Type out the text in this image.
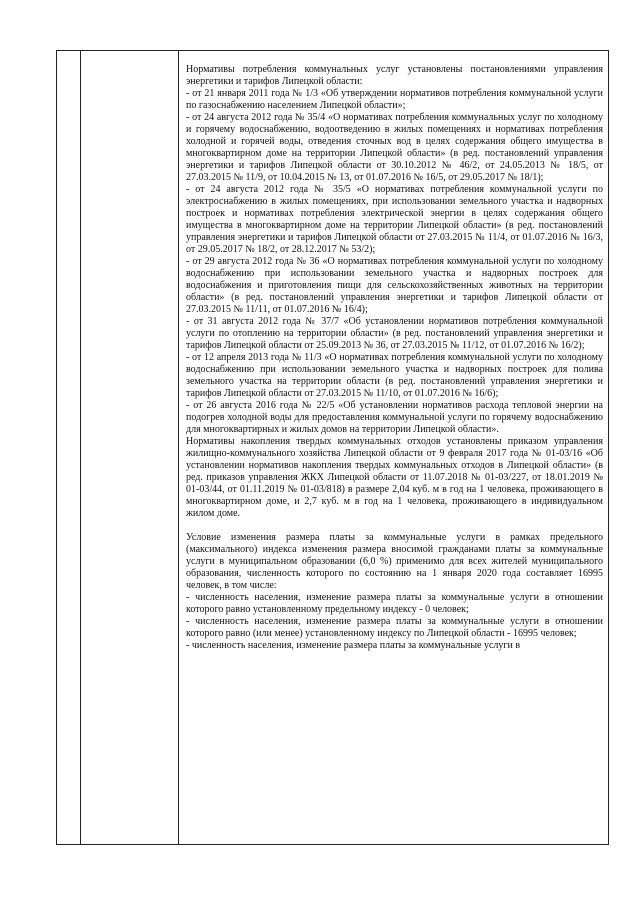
Нормативы потребления коммунальных услуг установлены постановлениями управления энергетики и тарифов Липецкой области:

- от 21 января 2011 года № 1/3 «Об утверждении нормативов потребления коммунальной услуги по газоснабжению населением Липецкой области»;

- от 24 августа 2012 года № 35/4 «О нормативах потребления коммунальных услуг по холодному и горячему водоснабжению, водоотведению в жилых помещениях и нормативах потребления холодной и горячей воды, отведения сточных вод в целях содержания общего имущества в многоквартирном доме на территории Липецкой области» (в ред. постановлений управления энергетики и тарифов Липецкой области от 30.10.2012 № 46/2, от 24.05.2013 № 18/5, от 27.03.2015 № 11/9, от 10.04.2015 № 13, от 01.07.2016 № 16/5, от 29.05.2017 № 18/1);

- от 24 августа 2012 года № 35/5 «О нормативах потребления коммунальной услуги по электроснабжению в жилых помещениях, при использовании земельного участка и надворных построек и нормативах потребления электрической энергии в целях содержания общего имущества в многоквартирном доме на территории Липецкой области» (в ред. постановлений управления энергетики и тарифов Липецкой области от 27.03.2015 № 11/4, от 01.07.2016 № 16/3, от 29.05.2017 № 18/2, от 28.12.2017 № 53/2);

- от 29 августа 2012 года № 36 «О нормативах потребления коммунальной услуги по холодному водоснабжению при использовании земельного участка и надворных построек для водоснабжения и приготовления пищи для сельскохозяйственных животных на территории области» (в ред. постановлений управления энергетики и тарифов Липецкой области от 27.03.2015 № 11/11, от 01.07.2016 № 16/4);

- от 31 августа 2012 года № 37/7 «Об установлении нормативов потребления коммунальной услуги по отоплению на территории области» (в ред. постановлений управления энергетики и тарифов Липецкой области от 25.09.2013 № 36, от 27.03.2015 № 11/12, от 01.07.2016 № 16/2);

- от 12 апреля 2013 года № 11/3 «О нормативах потребления коммунальной услуги по холодному водоснабжению при использовании земельного участка и надворных построек для полива земельного участка на территории области (в ред. постановлений управления энергетики и тарифов Липецкой области от 27.03.2015 № 11/10, от 01.07.2016 № 16/6);

- от 26 августа 2016 года № 22/5 «Об установлении нормативов расхода тепловой энергии на подогрев холодной воды для предоставления коммунальной услуги по горячему водоснабжению для многоквартирных и жилых домов на территории Липецкой области».

Нормативы накопления твердых коммунальных отходов установлены приказом управления жилищно-коммунального хозяйства Липецкой области от 9 февраля 2017 года № 01-03/16 «Об установлении нормативов накопления твердых коммунальных отходов в Липецкой области» (в ред. приказов управления ЖКХ Липецкой области от 11.07.2018 № 01-03/227, от 18.01.2019 № 01-03/44, от 01.11.2019 № 01-03/818) в размере 2,04 куб. м в год на 1 человека, проживающего в многоквартирном доме, и 2,7 куб. м в год на 1 человека, проживающего в индивидуальном жилом доме.

Условие изменения размера платы за коммунальные услуги в рамках предельного (максимального) индекса изменения размера вносимой гражданами платы за коммунальные услуги в муниципальном образовании (6,0 %) применимо для всех жителей муниципального образования, численность которого по состоянию на 1 января 2020 года составляет 16995 человек, в том числе:

- численность населения, изменение размера платы за коммунальные услуги в отношении которого равно установленному предельному индексу - 0 человек;

- численность населения, изменение размера платы за коммунальные услуги в отношении которого равно (или менее) установленному индексу по Липецкой области - 16995 человек;

- численность населения, изменение размера платы за коммунальные услуги в
